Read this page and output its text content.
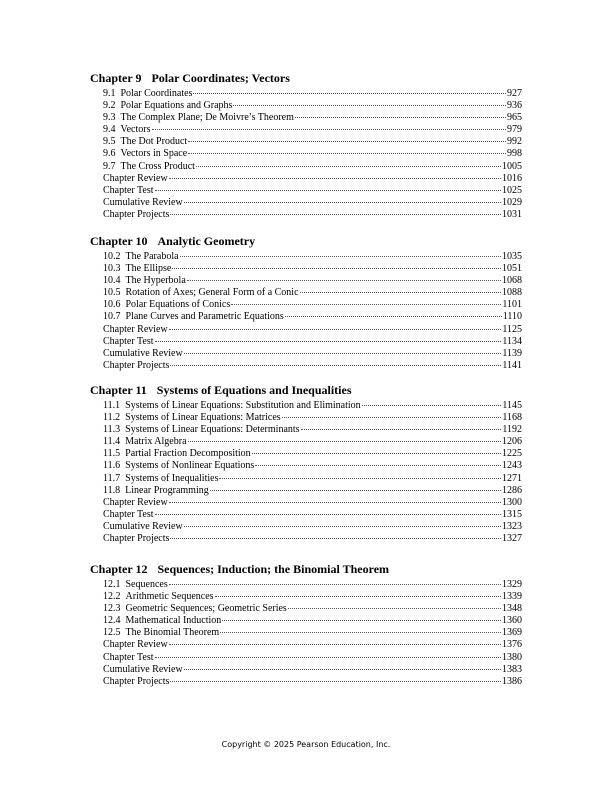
Chapter 9 Polar Coordinates; Vectors
9.1 Polar Coordinates	927
9.2 Polar Equations and Graphs	936
9.3 The Complex Plane; De Moivre’s Theorem	965
9.4 Vectors	979
9.5 The Dot Product	992
9.6 Vectors in Space	998
9.7 The Cross Product	1005
Chapter Review	1016
Chapter Test	1025
Cumulative Review	1029
Chapter Projects	1031
Chapter 10 Analytic Geometry
10.2 The Parabola	1035
10.3 The Ellipse	1051
10.4 The Hyperbola	1068
10.5 Rotation of Axes; General Form of a Conic	1088
10.6 Polar Equations of Conics	1101
10.7 Plane Curves and Parametric Equations	1110
Chapter Review	1125
Chapter Test	1134
Cumulative Review	1139
Chapter Projects	1141
Chapter 11 Systems of Equations and Inequalities
11.1 Systems of Linear Equations: Substitution and Elimination	1145
11.2 Systems of Linear Equations: Matrices	1168
11.3 Systems of Linear Equations: Determinants	1192
11.4 Matrix Algebra	1206
11.5 Partial Fraction Decomposition	1225
11.6 Systems of Nonlinear Equations	1243
11.7 Systems of Inequalities	1271
11.8 Linear Programming	1286
Chapter Review	1300
Chapter Test	1315
Cumulative Review	1323
Chapter Projects	1327
Chapter 12 Sequences; Induction; the Binomial Theorem
12.1 Sequences	1329
12.2 Arithmetic Sequences	1339
12.3 Geometric Sequences; Geometric Series	1348
12.4 Mathematical Induction	1360
12.5 The Binomial Theorem	1369
Chapter Review	1376
Chapter Test	1380
Cumulative Review	1383
Chapter Projects	1386
Copyright © 2025 Pearson Education, Inc.
